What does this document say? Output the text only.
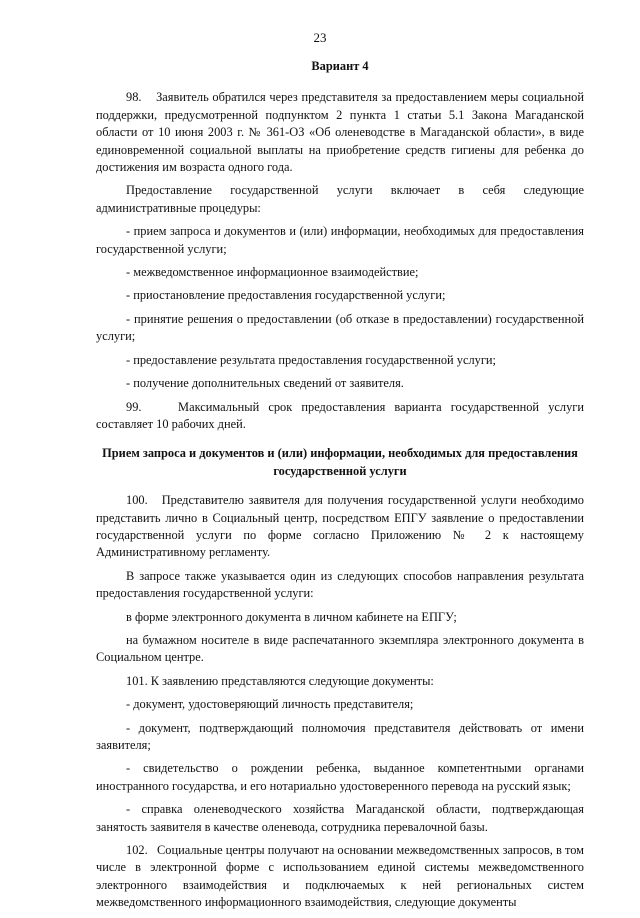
23
Вариант 4

98.    Заявитель обратился через представителя за предоставлением меры социальной поддержки, предусмотренной подпунктом 2 пункта 1 статьи 5.1 Закона Магаданской области от 10 июня 2003 г. № 361-ОЗ «Об оленеводстве в Магаданской области», в виде единовременной социальной выплаты на приобретение средств гигиены для ребенка до достижения им возраста одного года.

Предоставление государственной услуги включает в себя следующие административные процедуры:

- прием запроса и документов и (или) информации, необходимых для предоставления государственной услуги;

- межведомственное информационное взаимодействие;

- приостановление предоставления государственной услуги;

- принятие решения о предоставлении (об отказе в предоставлении) государственной услуги;

- предоставление результата предоставления государственной услуги;

- получение дополнительных сведений от заявителя.

99.    Максимальный срок предоставления варианта государственной услуги составляет 10 рабочих дней.

Прием запроса и документов и (или) информации, необходимых для предоставления государственной услуги

100.   Представителю заявителя для получения государственной услуги необходимо представить лично в Социальный центр, посредством ЕПГУ заявление о предоставлении государственной услуги по форме согласно Приложению № 2 к настоящему Административному регламенту.

В запросе также указывается один из следующих способов направления результата предоставления государственной услуги:

в форме электронного документа в личном кабинете на ЕПГУ;

на бумажном носителе в виде распечатанного экземпляра электронного документа в Социальном центре.

101. К заявлению представляются следующие документы:

- документ, удостоверяющий личность представителя;

- документ, подтверждающий полномочия представителя действовать от имени заявителя;

- свидетельство о рождении ребенка, выданное компетентными органами иностранного государства, и его нотариально удостоверенного перевода на русский язык;

- справка оленеводческого хозяйства Магаданской области, подтверждающая занятость заявителя в качестве оленевода, сотрудника перевалочной базы.

102.   Социальные центры получают на основании межведомственных запросов, в том числе в электронной форме с использованием единой системы межведомственного электронного взаимодействия и подключаемых к ней региональных систем межведомственного информационного взаимодействия, следующие документы
